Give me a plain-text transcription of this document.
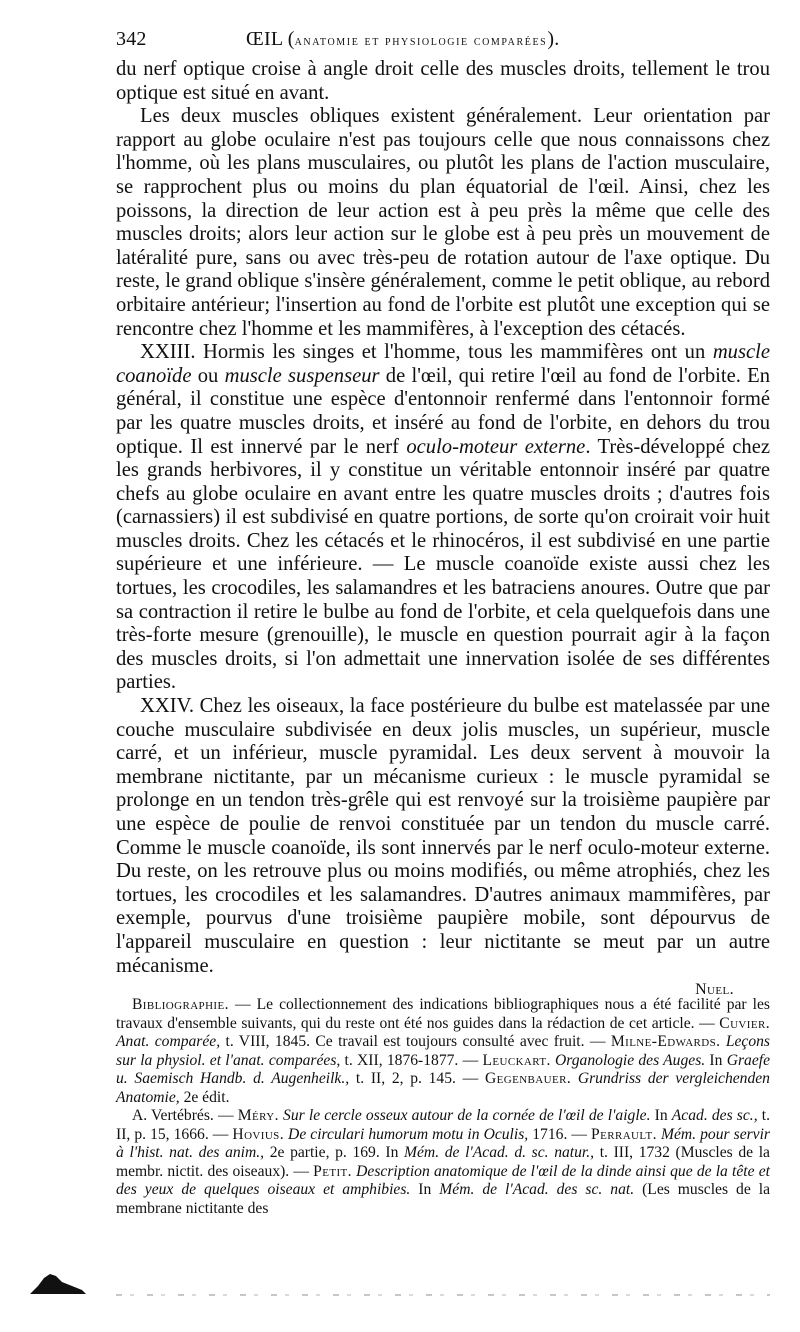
342	ŒIL (anatomie et physiologie comparées).

du nerf optique croise à angle droit celle des muscles droits, tellement le trou optique est situé en avant.

Les deux muscles obliques existent généralement. Leur orientation par rapport au globe oculaire n'est pas toujours celle que nous connaissons chez l'homme, où les plans musculaires, ou plutôt les plans de l'action musculaire, se rapprochent plus ou moins du plan équatorial de l'œil. Ainsi, chez les poissons, la direction de leur action est à peu près la même que celle des muscles droits; alors leur action sur le globe est à peu près un mouvement de latéralité pure, sans ou avec très-peu de rotation autour de l'axe optique. Du reste, le grand oblique s'insère généralement, comme le petit oblique, au rebord orbitaire antérieur; l'insertion au fond de l'orbite est plutôt une exception qui se rencontre chez l'homme et les mammifères, à l'exception des cétacés.

XXIII. Hormis les singes et l'homme, tous les mammifères ont un muscle coanoïde ou muscle suspenseur de l'œil, qui retire l'œil au fond de l'orbite. En général, il constitue une espèce d'entonnoir renfermé dans l'entonnoir formé par les quatre muscles droits, et inséré au fond de l'orbite, en dehors du trou optique. Il est innervé par le nerf oculo-moteur externe. Très-développé chez les grands herbivores, il y constitue un véritable entonnoir inséré par quatre chefs au globe oculaire en avant entre les quatre muscles droits ; d'autres fois (carnassiers) il est subdivisé en quatre portions, de sorte qu'on croirait voir huit muscles droits. Chez les cétacés et le rhinocéros, il est subdivisé en une partie supérieure et une inférieure. — Le muscle coanoïde existe aussi chez les tortues, les crocodiles, les salamandres et les batraciens anoures. Outre que par sa contraction il retire le bulbe au fond de l'orbite, et cela quelquefois dans une très-forte mesure (grenouille), le muscle en question pourrait agir à la façon des muscles droits, si l'on admettait une innervation isolée de ses différentes parties.

XXIV. Chez les oiseaux, la face postérieure du bulbe est matelassée par une couche musculaire subdivisée en deux jolis muscles, un supérieur, muscle carré, et un inférieur, muscle pyramidal. Les deux servent à mouvoir la membrane nictitante, par un mécanisme curieux : le muscle pyramidal se prolonge en un tendon très-grêle qui est renvoyé sur la troisième paupière par une espèce de poulie de renvoi constituée par un tendon du muscle carré. Comme le muscle coanoïde, ils sont innervés par le nerf oculo-moteur externe. Du reste, on les retrouve plus ou moins modifiés, ou même atrophiés, chez les tortues, les crocodiles et les salamandres. D'autres animaux mammifères, par exemple, pourvus d'une troisième paupière mobile, sont dépourvus de l'appareil musculaire en question : leur nictitante se meut par un autre mécanisme.

Nuel.

Bibliographie. — Le collectionnement des indications bibliographiques nous a été facilité par les travaux d'ensemble suivants, qui du reste ont été nos guides dans la rédaction de cet article. — Cuvier. Anat. comparée, t. VIII, 1845. Ce travail est toujours consulté avec fruit. — Milne-Edwards. Leçons sur la physiol. et l'anat. comparées, t. XII, 1876-1877. — Leuckart. Organologie des Auges. In Graefe u. Saemisch Handb. d. Augenheilk., t. II, 2, p. 145. — Gegenbauer. Grundriss der vergleichenden Anatomie, 2e édit.

A. Vertébrés. — Méry. Sur le cercle osseux autour de la cornée de l'œil de l'aigle. In Acad. des sc., t. II, p. 15, 1666. — Hovius. De circulari humorum motu in Oculis, 1716. — Perrault. Mém. pour servir à l'hist. nat. des anim., 2e partie, p. 169. In Mém. de l'Acad. d. sc. natur., t. III, 1732 (Muscles de la membr. nictit. des oiseaux). — Petit. Description anatomique de l'œil de la dinde ainsi que de la tête et des yeux de quelques oiseaux et amphibies. In Mém. de l'Acad. des sc. nat. (Les muscles de la membrane nictitante des
